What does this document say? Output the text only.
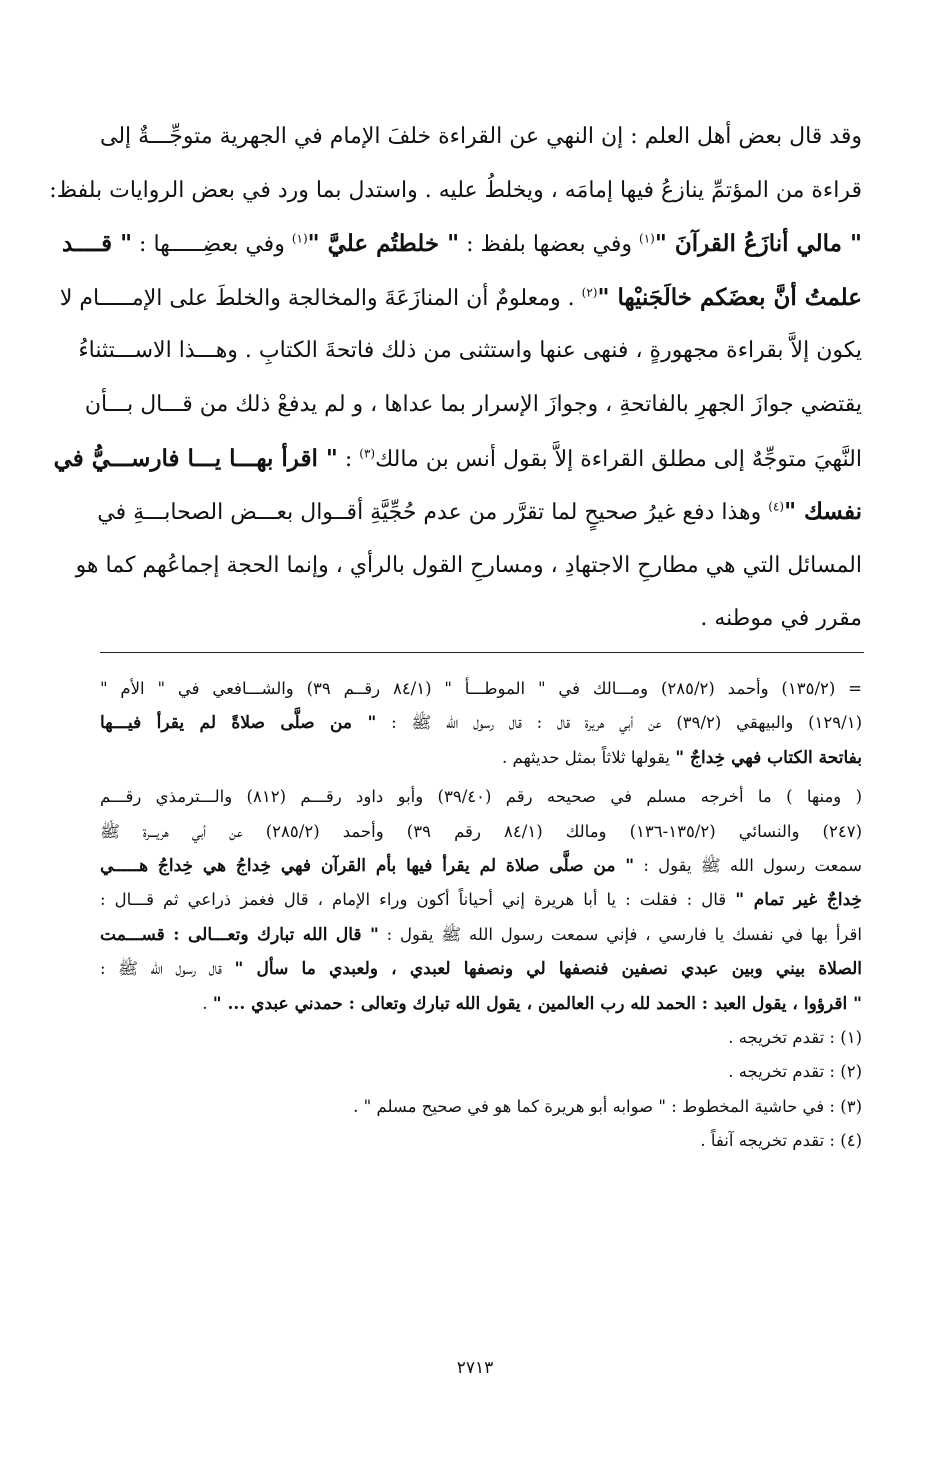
وقد قال بعض أهل العلم : إن النهي عن القراءة خلفَ الإمام في الجهرية متوجِّـــةٌ إلى
قراءة من المؤتمِّ ينازعُ فيها إمامَه ، ويخلطُ عليه . واستدل بما ورد في بعض الروايات بلفظ:
" مالي أنازَعُ القرآنَ "$^{(١)}$ وفي بعضها بلفظ : " خلطتُم عليَّ "$^{(١)}$ وفي بعضِـــــها : " قــــد
علمتُ أنَّ بعضَكم خالَجَنيْها "$^{(٢)}$ . ومعلومٌ أن المنازَعَةَ والمخالجة والخلطَ على الإمـــــام لا
يكون إلاَّ بقراءة مجهورةٍ ، فنهى عنها واستثنى من ذلك فاتحةَ الكتابِ . وهـــذا الاســـتثناءُ
يقتضي جوازَ الجهرِ بالفاتحةِ ، وجوازَ الإسرار بما عداها ، و لم يدفعْ ذلك من قـــال بـــأن
النَّهيَ متوجِّهٌ إلى مطلق القراءة إلاَّ بقول أنس بن مالك$^{(٣)}$ : " اقرأ بهـــا يـــا فارســـيُّ في
نفسك "$^{(٤)}$ وهذا دفع غيرُ صحيحٍ لما تقرَّر من عدم حُجِّيَّةِ أقــوال بعـــض الصحابـــةِ في
المسائل التي هي مطارحِ الاجتهادِ ، ومسارحِ القول بالرأي ، وإنما الحجة إجماعُهم كما هو
مقرر في موطنه .
= (١٣٥/٢) وأحمد (٢٨٥/٢) ومـــالك في " الموطـــأ " (٨٤/١ رقــم ٣٩) والشـــافعي في " الأم "
(١٢٩/١) والبيهقي (٣٩/٢) عن أبي هريرة قال : قال رسول الله ﷺ : " من صلَّى صلاةً لم يقرأ فيـــها
بفاتحة الكتاب فهي خِداجٌ " يقولها ثلاثاً بمثل حديثهم .
( ومنها ) ما أخرجه مسلم في صحيحه رقم (٣٩/٤٠) وأبو داود رقـــم (٨١٢) والـــترمذي رقـــم
(٢٤٧) والنسائي (١٣٥/٢-١٣٦) ومالك (٨٤/١ رقم ٣٩) وأحمد (٢٨٥/٢) عن أبي هريـــرة ﷺ
سمعت رسول الله ﷺ يقول : " من صلَّى صلاة لم يقرأ فيها بأم القرآن فهي خِداجُ هي خِداجُ هـــــي
خِداجٌ غير تمام " قال : فقلت : يا أبا هريرة إني أحياناً أكون وراء الإمام ، قال فغمز ذراعي ثم قـــال :
اقرأ بها في نفسك يا فارسي ، فإني سمعت رسول الله ﷺ يقول : " قال الله تبارك وتعـــالى : قســـمت
الصلاة بيني وبين عبدي نصفين فنصفها لي ونصفها لعبدي ، ولعبدي ما سأل " قال رسول الله ﷺ :
" اقرؤوا ، يقول العبد : الحمد لله رب العالمين ، يقول الله تبارك وتعالى : حمدني عبدي ... " .
(١) : تقدم تخريجه .
(٢) : تقدم تخريجه .
(٣) : في حاشية المخطوط : " صوابه أبو هريرة كما هو في صحيح مسلم " .
(٤) : تقدم تخريجه آنفاً .
٢٧١٣
